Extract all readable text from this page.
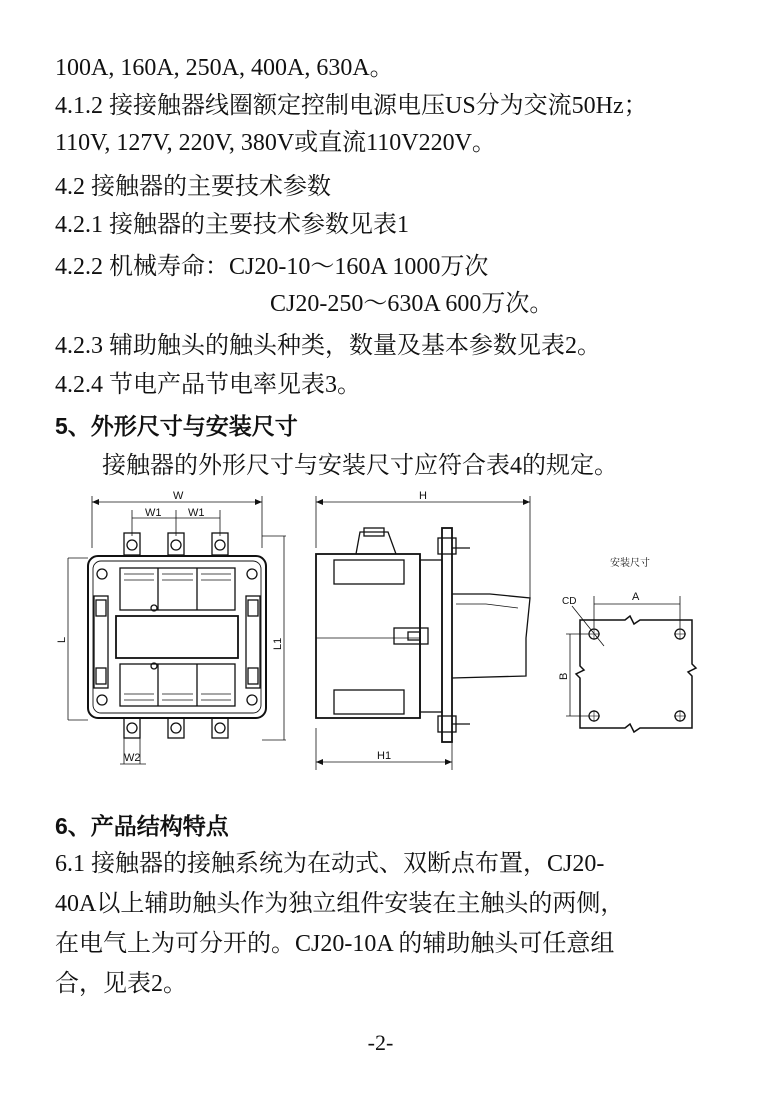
100A, 160A, 250A, 400A, 630A。

4.1.2 接接触器线圈额定控制电源电压US分为交流50Hz；

110V, 127V, 220V, 380V或直流110V220V。

4.2 接触器的主要技术参数

4.2.1 接触器的主要技术参数见表1

4.2.2 机械寿命：CJ20-10～160A 1000万次

CJ20-250～630A 600万次。

4.2.3 辅助触头的触头种类，数量及基本参数见表2。

4.2.4 节电产品节电率见表3。

5、外形尺寸与安装尺寸

接触器的外形尺寸与安装尺寸应符合表4的规定。

W
W1 W1
W2
L	L1
H
H1
安装尺寸
A
B
CD

6、产品结构特点

6.1 接触器的接触系统为在动式、双断点布置，CJ20-

40A以上辅助触头作为独立组件安装在主触头的两侧，

在电气上为可分开的。CJ20-10A 的辅助触头可任意组

合，见表2。

-2-
